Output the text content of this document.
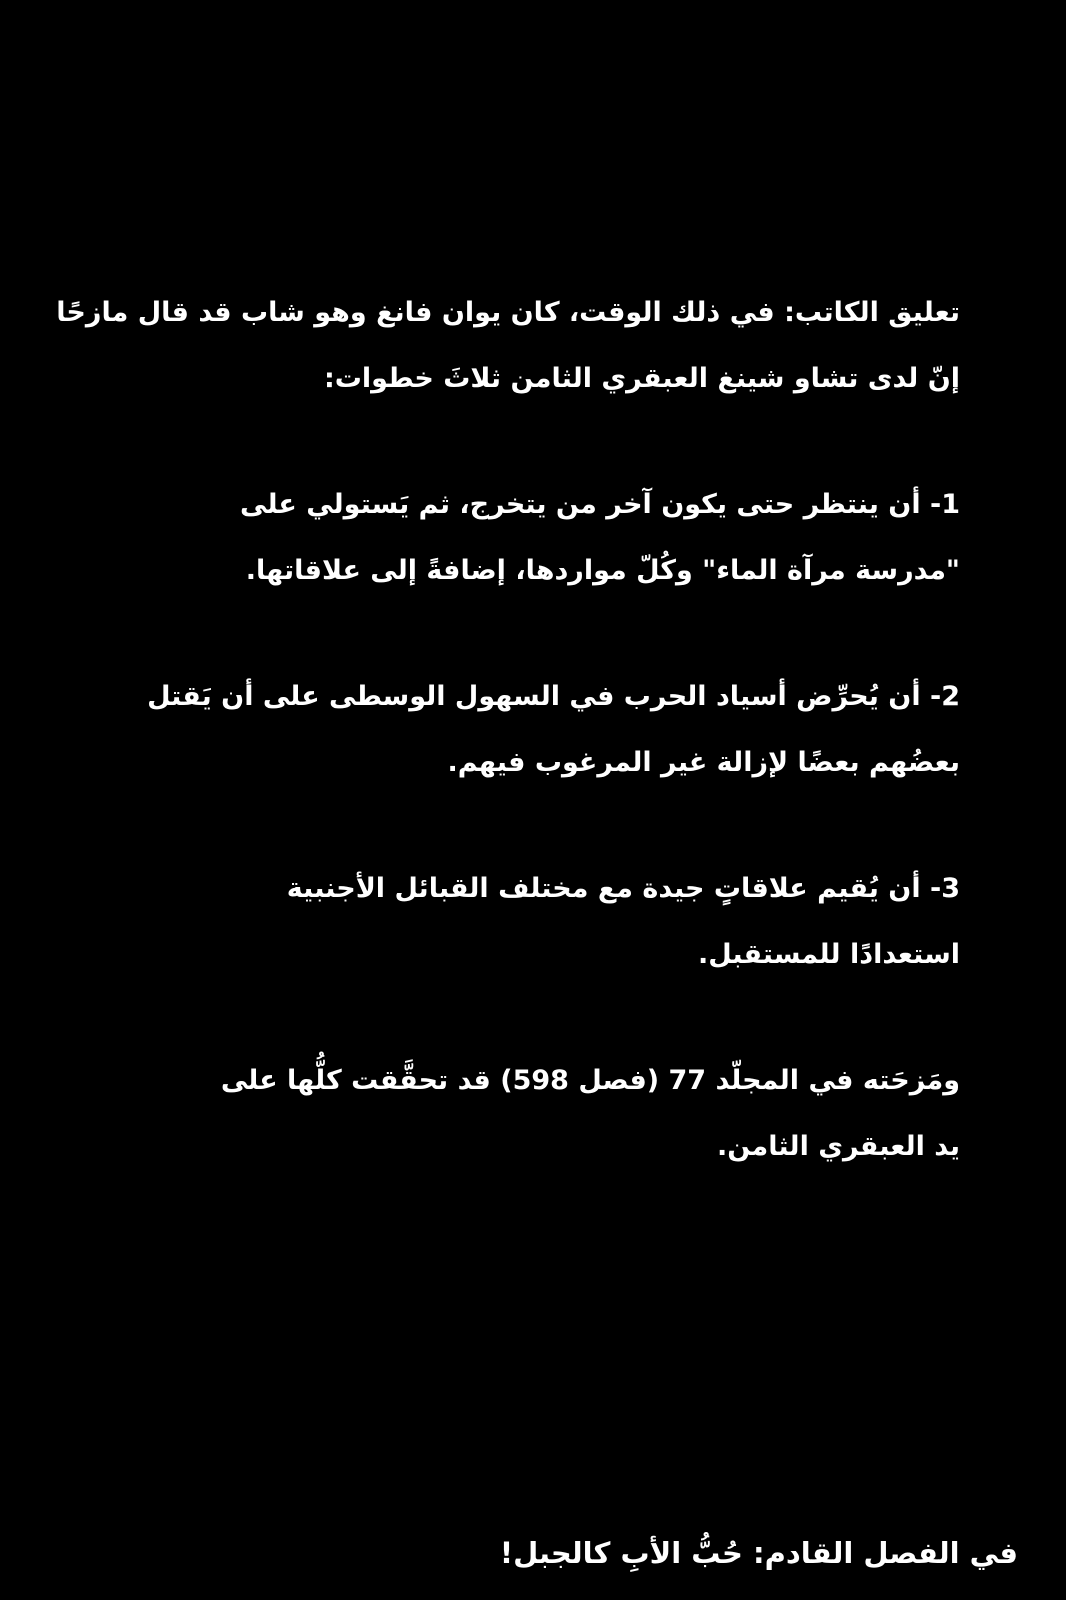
تعليق الكاتب: في ذلك الوقت، كان يوان فانغ وهو شاب قد قال مازحًا
إنّ لدى تشاو شينغ العبقري الثامن ثلاثَ خطوات:
1- أن ينتظر حتى يكون آخر من يتخرج، ثم يَستولي على
"مدرسة مرآة الماء" وكُلّ مواردها، إضافةً إلى علاقاتها.
2- أن يُحرِّض أسياد الحرب في السهول الوسطى على أن يَقتل
بعضُهم بعضًا لإزالة غير المرغوب فيهم.
3- أن يُقيم علاقاتٍ جيدة مع مختلف القبائل الأجنبية
استعدادًا للمستقبل.
ومَزحَته في المجلّد 77 (فصل 598) قد تحقَّقت كلُّها على
يد العبقري الثامن.
في الفصل القادم: حُبُّ الأبِ كالجبل!
